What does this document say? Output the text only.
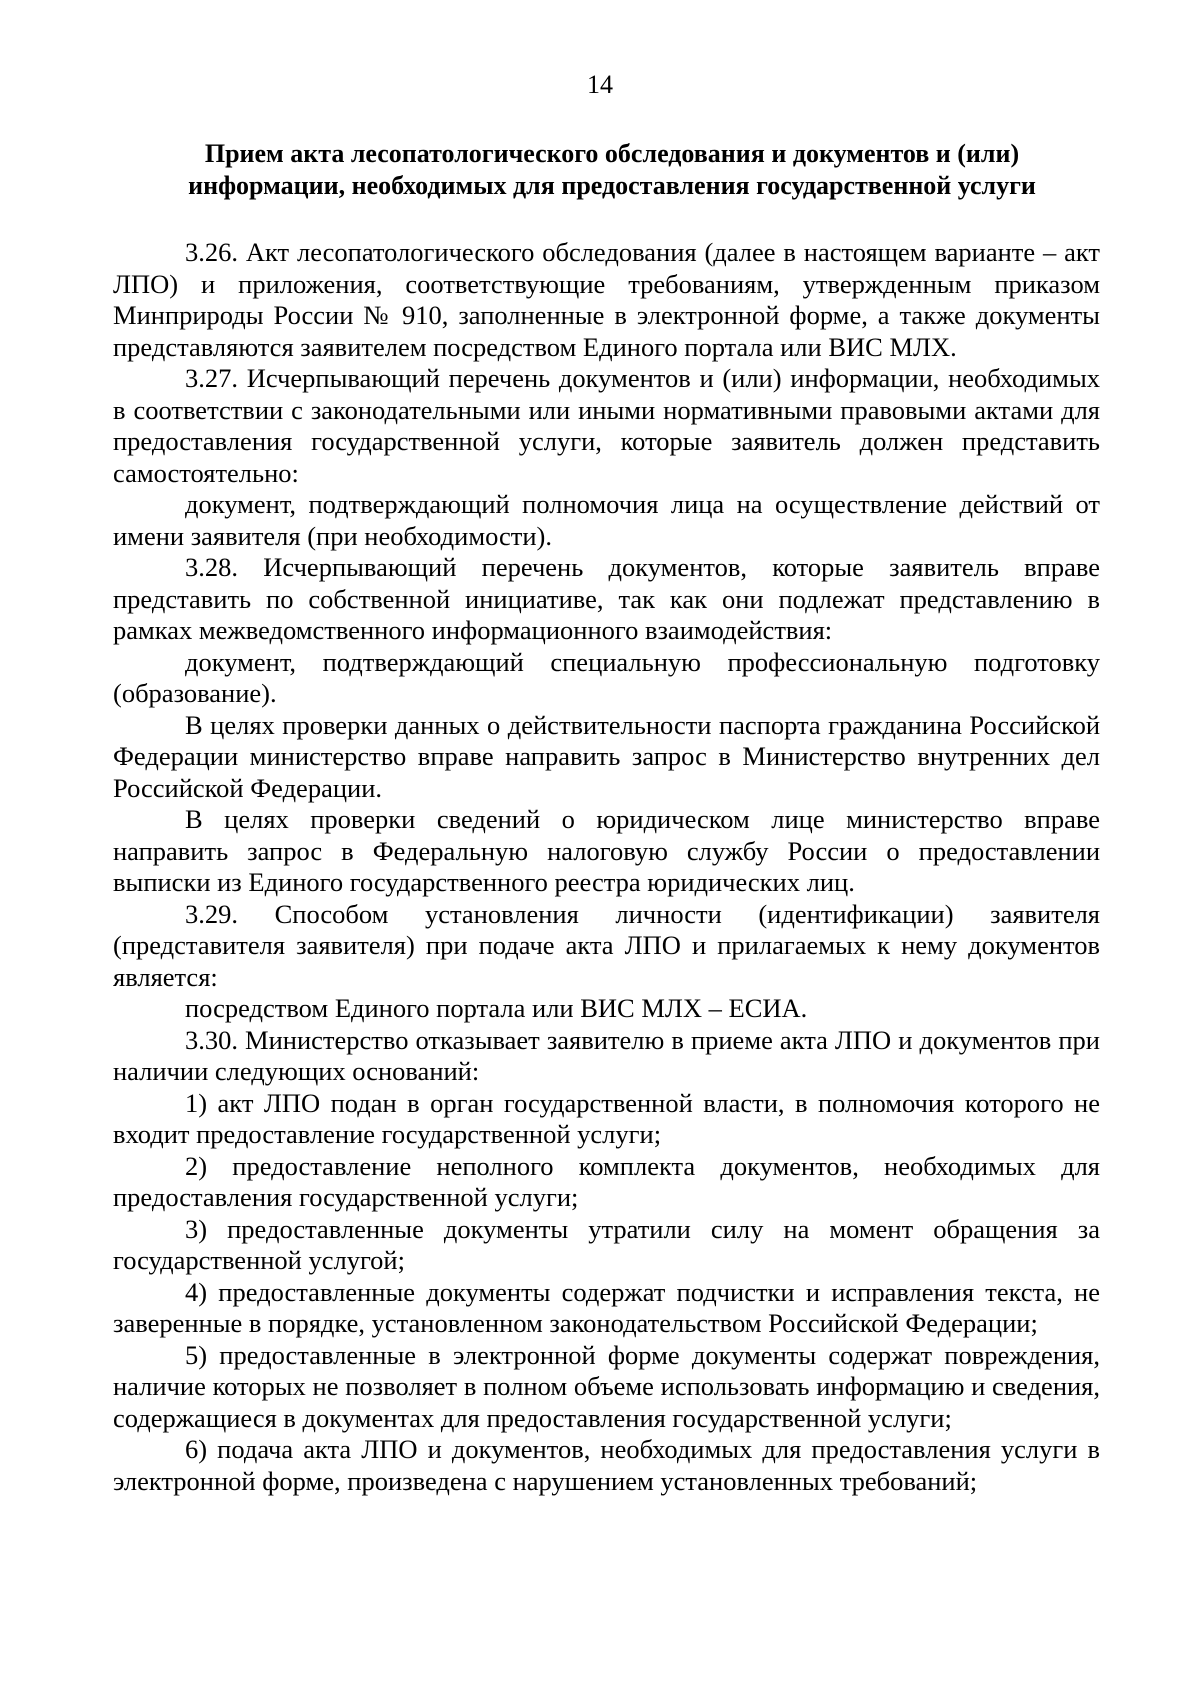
14
Прием акта лесопатологического обследования и документов и (или)
информации, необходимых для предоставления государственной услуги

3.26. Акт лесопатологического обследования (далее в настоящем варианте – акт ЛПО) и приложения, соответствующие требованиям, утвержденным приказом Минприроды России № 910, заполненные в электронной форме, а также документы представляются заявителем посредством Единого портала или ВИС МЛХ.

3.27. Исчерпывающий перечень документов и (или) информации, необходимых в соответствии с законодательными или иными нормативными правовыми актами для предоставления государственной услуги, которые заявитель должен представить самостоятельно:

документ, подтверждающий полномочия лица на осуществление действий от имени заявителя (при необходимости).

3.28. Исчерпывающий перечень документов, которые заявитель вправе представить по собственной инициативе, так как они подлежат представлению в рамках межведомственного информационного взаимодействия:

документ, подтверждающий специальную профессиональную подготовку (образование).

В целях проверки данных о действительности паспорта гражданина Российской Федерации министерство вправе направить запрос в Министерство внутренних дел Российской Федерации.

В целях проверки сведений о юридическом лице министерство вправе направить запрос в Федеральную налоговую службу России о предоставлении выписки из Единого государственного реестра юридических лиц.

3.29. Способом установления личности (идентификации) заявителя (представителя заявителя) при подаче акта ЛПО и прилагаемых к нему документов является:

посредством Единого портала или ВИС МЛХ – ЕСИА.

3.30. Министерство отказывает заявителю в приеме акта ЛПО и документов при наличии следующих оснований:

1) акт ЛПО подан в орган государственной власти, в полномочия которого не входит предоставление государственной услуги;

2) предоставление неполного комплекта документов, необходимых для предоставления государственной услуги;

3) предоставленные документы утратили силу на момент обращения за государственной услугой;

4) предоставленные документы содержат подчистки и исправления текста, не заверенные в порядке, установленном законодательством Российской Федерации;

5) предоставленные в электронной форме документы содержат повреждения, наличие которых не позволяет в полном объеме использовать информацию и сведения, содержащиеся в документах для предоставления государственной услуги;

6) подача акта ЛПО и документов, необходимых для предоставления услуги в электронной форме, произведена с нарушением установленных требований;
